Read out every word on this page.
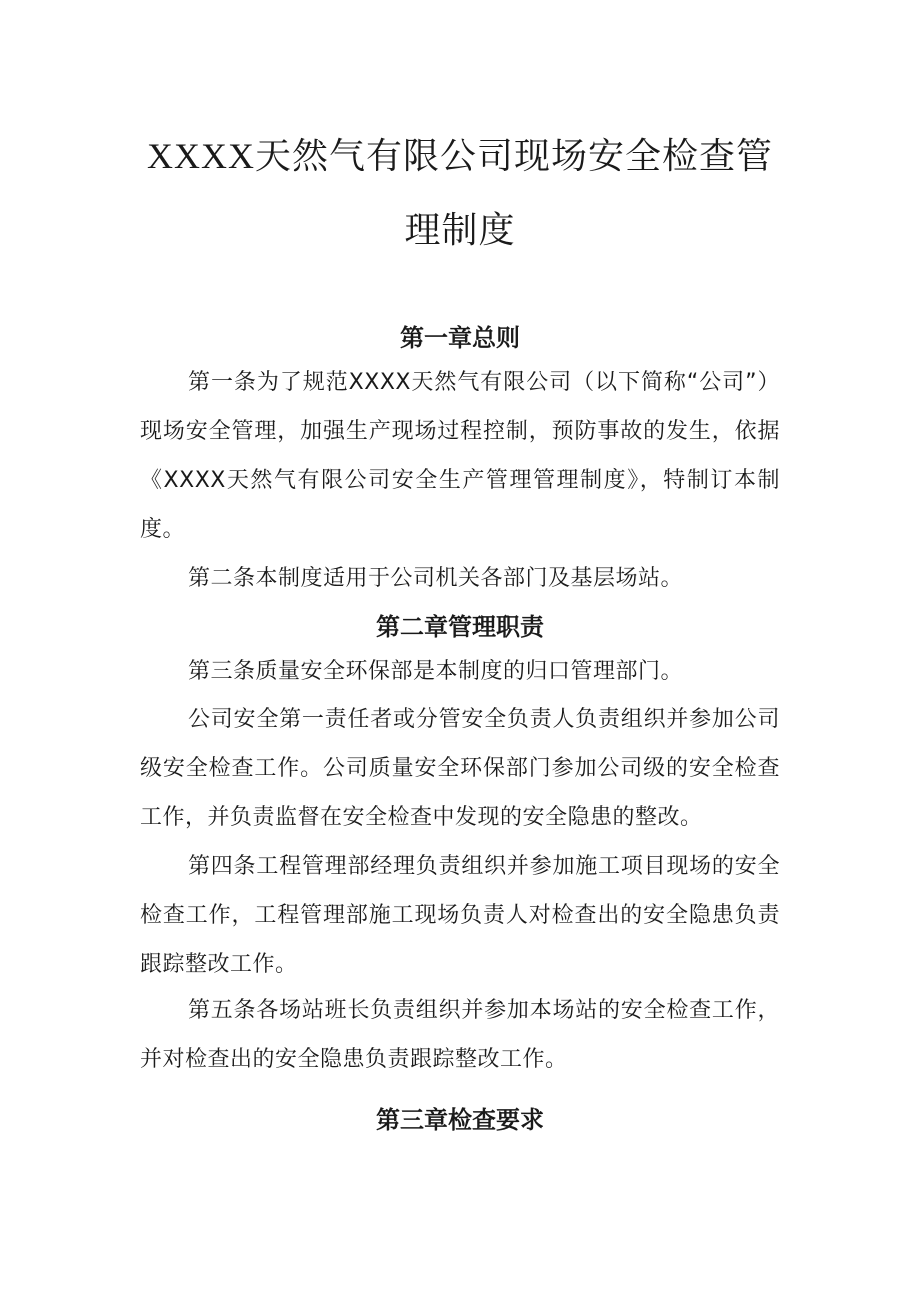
XXXX天然气有限公司现场安全检查管
理制度
第一章总则

第一条为了规范XXXX天然气有限公司（以下简称“公司”）现场安全管理，加强生产现场过程控制，预防事故的发生，依据《XXXX天然气有限公司安全生产管理管理制度》，特制订本制度。

第二条本制度适用于公司机关各部门及基层场站。

第二章管理职责

第三条质量安全环保部是本制度的归口管理部门。

公司安全第一责任者或分管安全负责人负责组织并参加公司级安全检查工作。公司质量安全环保部门参加公司级的安全检查工作，并负责监督在安全检查中发现的安全隐患的整改。

第四条工程管理部经理负责组织并参加施工项目现场的安全检查工作，工程管理部施工现场负责人对检查出的安全隐患负责跟踪整改工作。

第五条各场站班长负责组织并参加本场站的安全检查工作，并对检查出的安全隐患负责跟踪整改工作。

第三章检查要求
